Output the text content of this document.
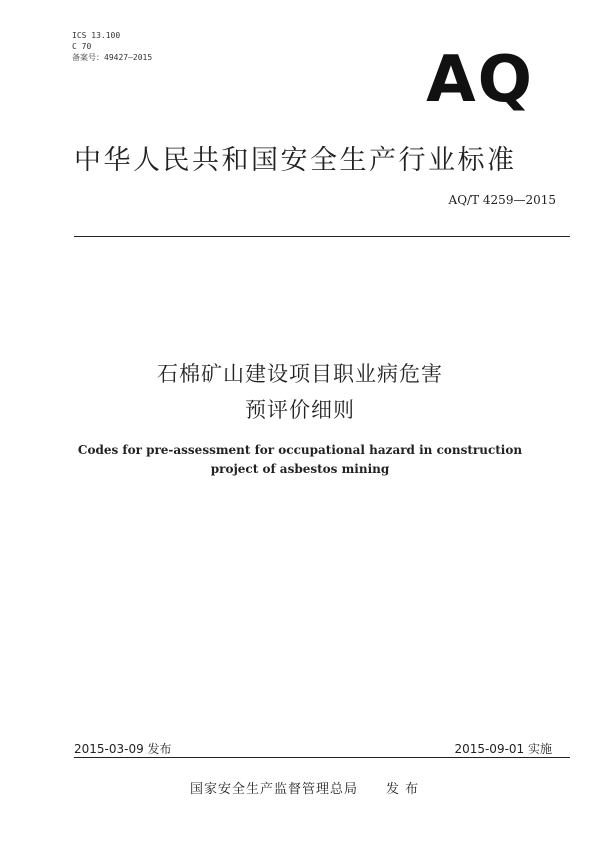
ICS 13.100
C 70
备案号：49427—2015	AQ
中华人民共和国安全生产行业标准
AQ/T 4259—2015
石棉矿山建设项目职业病危害
预评价细则
Codes for pre-assessment for occupational hazard in construction
project of asbestos mining
2015-03-09 发布	2015-09-01 实施
国家安全生产监督管理总局 发布
